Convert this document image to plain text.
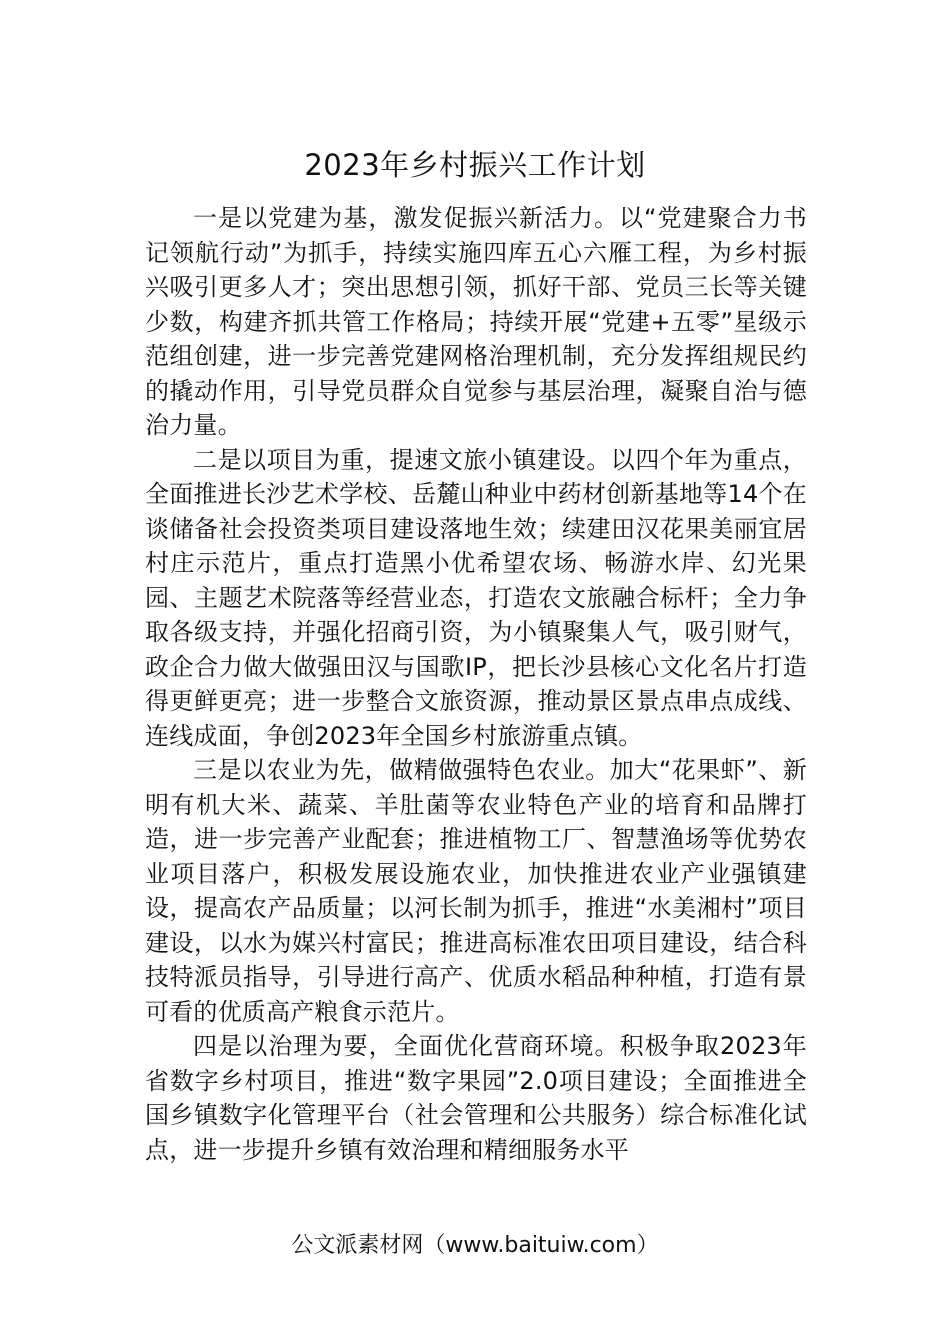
2023年乡村振兴工作计划

一是以党建为基，激发促振兴新活力。以“党建聚合力书记领航行动”为抓手，持续实施四库五心六雁工程，为乡村振兴吸引更多人才；突出思想引领，抓好干部、党员三长等关键少数，构建齐抓共管工作格局；持续开展“党建+五零”星级示范组创建，进一步完善党建网格治理机制，充分发挥组规民约的撬动作用，引导党员群众自觉参与基层治理，凝聚自治与德治力量。

二是以项目为重，提速文旅小镇建设。以四个年为重点，全面推进长沙艺术学校、岳麓山种业中药材创新基地等14个在谈储备社会投资类项目建设落地生效；续建田汉花果美丽宜居村庄示范片，重点打造黑小优希望农场、畅游水岸、幻光果园、主题艺术院落等经营业态，打造农文旅融合标杆；全力争取各级支持，并强化招商引资，为小镇聚集人气，吸引财气，政企合力做大做强田汉与国歌IP，把长沙县核心文化名片打造得更鲜更亮；进一步整合文旅资源，推动景区景点串点成线、连线成面，争创2023年全国乡村旅游重点镇。

三是以农业为先，做精做强特色农业。加大“花果虾”、新明有机大米、蔬菜、羊肚菌等农业特色产业的培育和品牌打造，进一步完善产业配套；推进植物工厂、智慧渔场等优势农业项目落户，积极发展设施农业，加快推进农业产业强镇建设，提高农产品质量；以河长制为抓手，推进“水美湘村”项目建设，以水为媒兴村富民；推进高标准农田项目建设，结合科技特派员指导，引导进行高产、优质水稻品种种植，打造有景可看的优质高产粮食示范片。

四是以治理为要，全面优化营商环境。积极争取2023年省数字乡村项目，推进“数字果园”2.0项目建设；全面推进全国乡镇数字化管理平台（社会管理和公共服务）综合标准化试点，进一步提升乡镇有效治理和精细服务水平

公文派素材网（www.baituiw.com）
